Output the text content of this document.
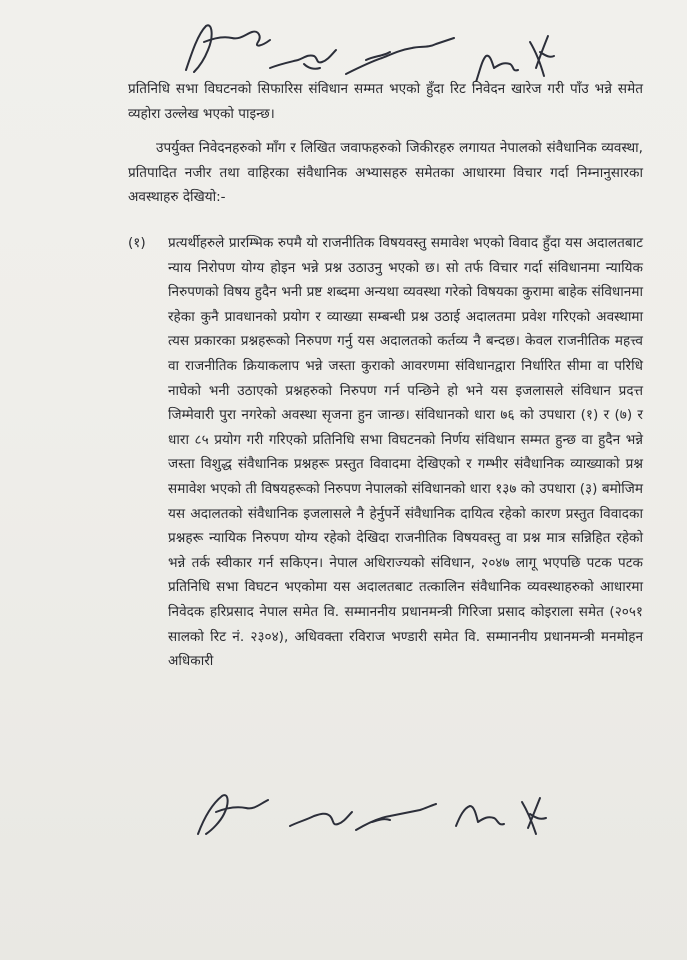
प्रतिनिधि सभा विघटनको सिफारिस संविधान सम्मत भएको हुँदा रिट निवेदन खारेज गरी पाँउ भन्ने समेत व्यहोरा उल्लेख भएको पाइन्छ।
उपर्युक्त निवेदनहरुको माँग र लिखित जवाफहरुको जिकीरहरु लगायत नेपालको संवैधानिक व्यवस्था, प्रतिपादित नजीर तथा वाहिरका संवैधानिक अभ्यासहरु समेतका आधारमा विचार गर्दा निम्नानुसारका अवस्थाहरु देखियो:-
(१) प्रत्यर्थीहरुले प्रारम्भिक रुपमै यो राजनीतिक विषयवस्तु समावेश भएको विवाद हुँदा यस अदालतबाट न्याय निरोपण योग्य होइन भन्ने प्रश्न उठाउनु भएको छ। सो तर्फ विचार गर्दा संविधानमा न्यायिक निरुपणको विषय हुदैन भनी प्रष्ट शब्दमा अन्यथा व्यवस्था गरेको विषयका कुरामा बाहेक संविधानमा रहेका कुनै प्रावधानको प्रयोग र व्याख्या सम्बन्धी प्रश्न उठाई अदालतमा प्रवेश गरिएको अवस्थामा त्यस प्रकारका प्रश्नहरूको निरुपण गर्नु यस अदालतको कर्तव्य नै बन्दछ। केवल राजनीतिक महत्त्व वा राजनीतिक क्रियाकलाप भन्ने जस्ता कुराको आवरणमा संविधानद्वारा निर्धारित सीमा वा परिधि नाघेको भनी उठाएको प्रश्नहरुको निरुपण गर्न पन्छिने हो भने यस इजलासले संविधान प्रदत्त जिम्मेवारी पुरा नगरेको अवस्था सृजना हुन जान्छ। संविधानको धारा ७६ को उपधारा (१) र (७) र धारा ८५ प्रयोग गरी गरिएको प्रतिनिधि सभा विघटनको निर्णय संविधान सम्मत हुन्छ वा हुदैन भन्ने जस्ता विशुद्ध संवैधानिक प्रश्नहरू प्रस्तुत विवादमा देखिएको र गम्भीर संवैधानिक व्याख्याको प्रश्न समावेश भएको ती विषयहरूको निरुपण नेपालको संविधानको धारा १३७ को उपधारा (३) बमोजिम यस अदालतको संवैधानिक इजलासले नै हेर्नुपर्ने संवैधानिक दायित्व रहेको कारण प्रस्तुत विवादका प्रश्नहरू न्यायिक निरुपण योग्य रहेको देखिदा राजनीतिक विषयवस्तु वा प्रश्न मात्र सन्निहित रहेको भन्ने तर्क स्वीकार गर्न सकिएन। नेपाल अधिराज्यको संविधान, २०४७ लागू भएपछि पटक पटक प्रतिनिधि सभा विघटन भएकोमा यस अदालतबाट तत्कालिन संवैधानिक व्यवस्थाहरुको आधारमा निवेदक हरिप्रसाद नेपाल समेत वि. सम्माननीय प्रधानमन्त्री गिरिजा प्रसाद कोइराला समेत (२०५१ सालको रिट नं. २३०४), अधिवक्ता रविराज भण्डारी समेत वि. सम्माननीय प्रधानमन्त्री मनमोहन अधिकारी
